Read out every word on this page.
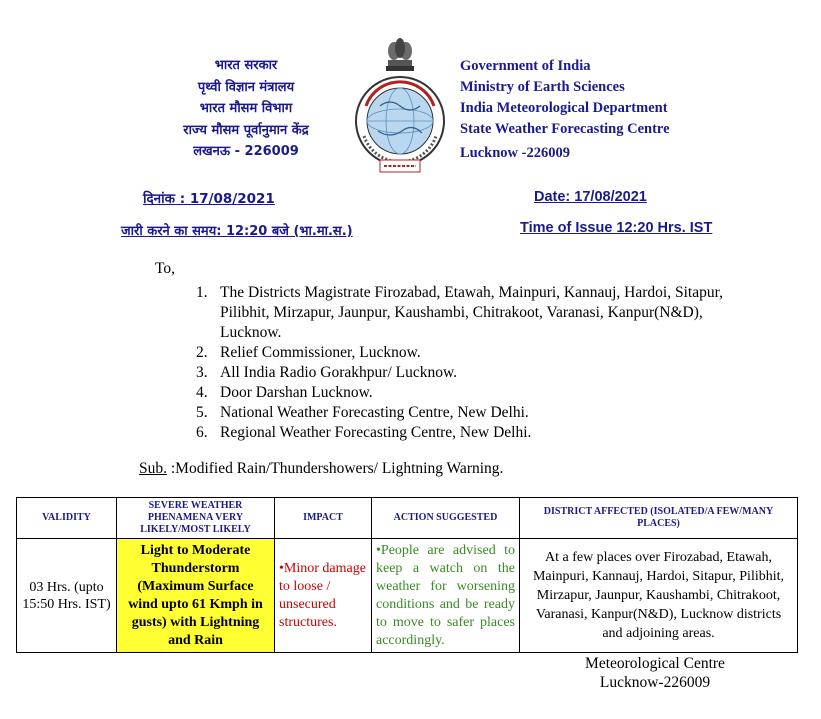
भारत सरकार
पृथ्वी विज्ञान मंत्रालय
भारत मौसम विभाग
राज्य मौसम पूर्वानुमान केंद्र
लखनऊ - 226009
Government of India
Ministry of Earth Sciences
India Meteorological Department
State Weather Forecasting Centre
Lucknow -226009
दिनांक : 17/08/2021	Date: 17/08/2021
जारी करने का समय: 12:20 बजे (भा.मा.स.)	Time of Issue 12:20 Hrs. IST
To,
1. The Districts Magistrate Firozabad, Etawah, Mainpuri, Kannauj, Hardoi, Sitapur, Pilibhit, Mirzapur, Jaunpur, Kaushambi, Chitrakoot, Varanasi, Kanpur(N&D), Lucknow.
2. Relief Commissioner, Lucknow.
3. All India Radio Gorakhpur/ Lucknow.
4. Door Darshan Lucknow.
5. National Weather Forecasting Centre, New Delhi.
6. Regional Weather Forecasting Centre, New Delhi.
Sub. :Modified Rain/Thundershowers/ Lightning Warning.
VALIDITY	SEVERE WEATHER PHENAMENA VERY LIKELY/MOST LIKELY	IMPACT	ACTION SUGGESTED	DISTRICT AFFECTED (ISOLATED/A FEW/MANY PLACES)
03 Hrs. (upto 15:50 Hrs. IST)	Light to Moderate Thunderstorm (Maximum Surface wind upto 61 Kmph in gusts) with Lightning and Rain	•Minor damage to loose / unsecured structures.	•People are advised to keep a watch on the weather for worsening conditions and be ready to move to safer places accordingly.	At a few places over Firozabad, Etawah, Mainpuri, Kannauj, Hardoi, Sitapur, Pilibhit, Mirzapur, Jaunpur, Kaushambi, Chitrakoot, Varanasi, Kanpur(N&D), Lucknow districts and adjoining areas.
Meteorological Centre
Lucknow-226009
